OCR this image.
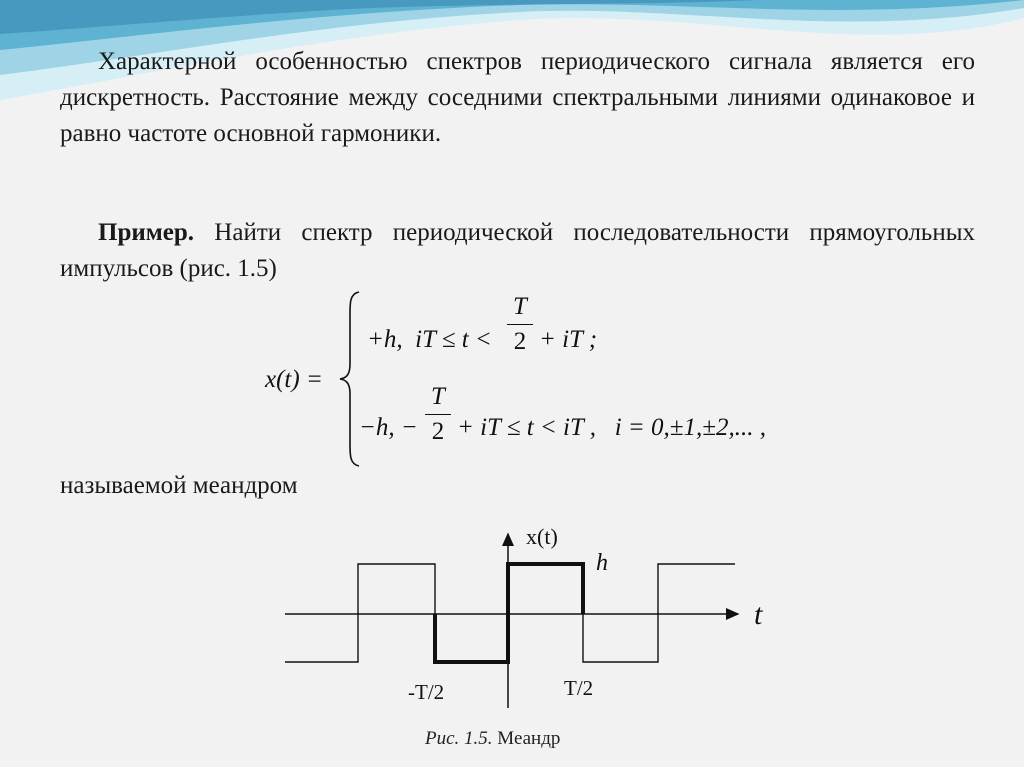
Характерной особенностью спектров периодического сигнала является его дискретность. Расстояние между соседними спектральными линиями одинаковое и равно частоте основной гармоники.

Пример. Найти спектр периодической последовательности прямоугольных импульсов (рис. 1.5)

x(t) =
+h,  iT ≤ t <
T
2 + iT ;
−h, −
T
2 + iT ≤ t < iT ,   i = 0,±1,±2,... ,
называемой меандром
x(t)
h
t
-T/2	T/2
Рис. 1.5. Меандр
